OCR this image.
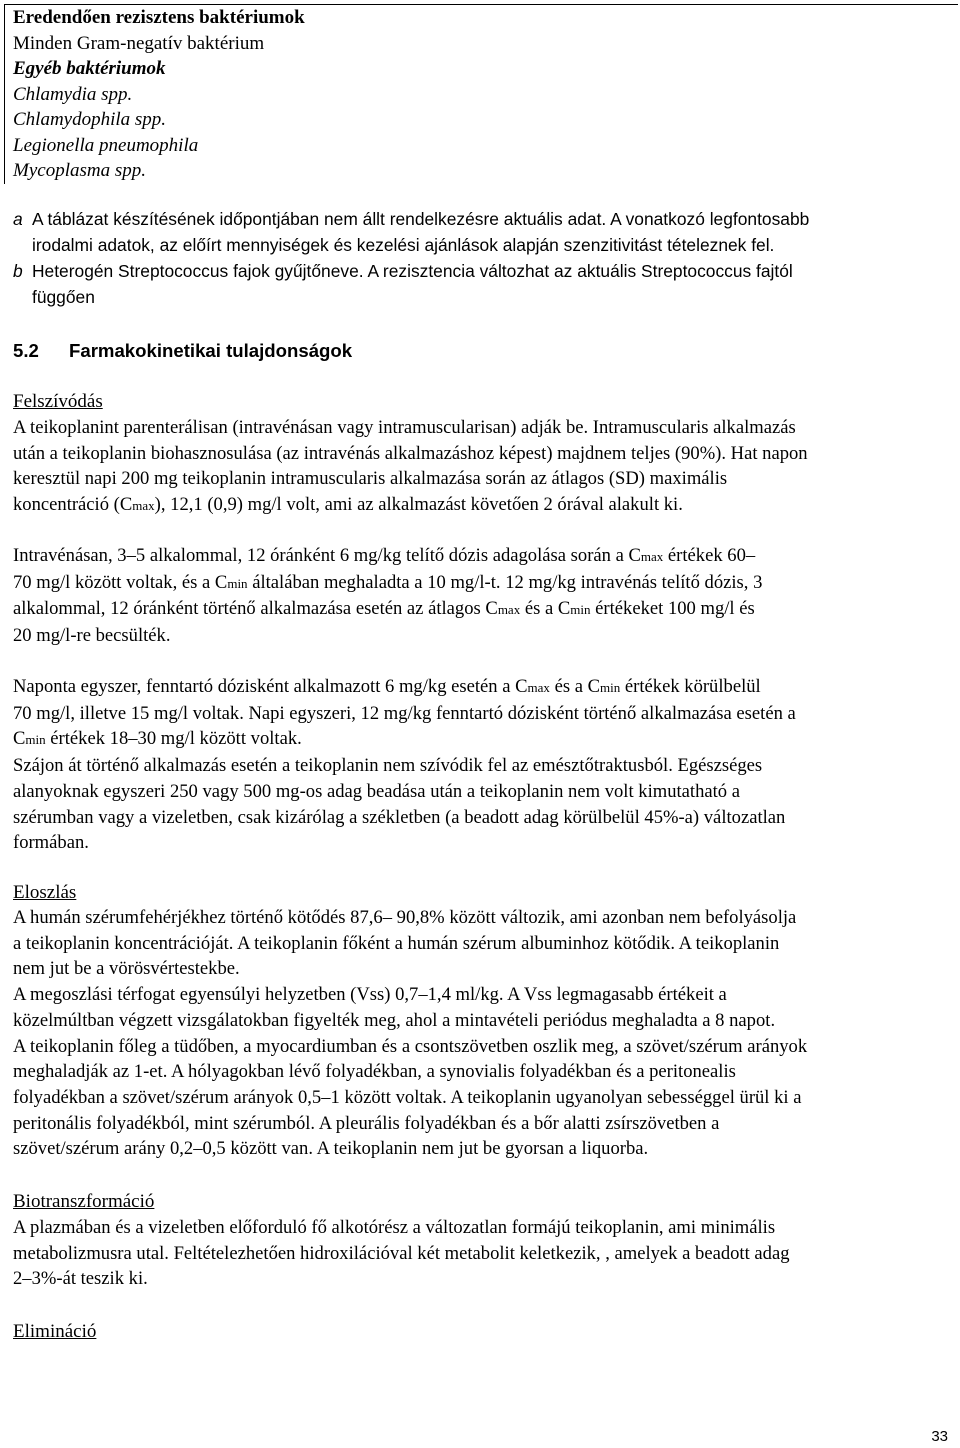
Eredendően rezisztens baktériumok
Minden Gram-negatív baktérium
Egyéb baktériumok
Chlamydia spp.
Chlamydophila spp.
Legionella pneumophila
Mycoplasma spp.
a A táblázat készítésének időpontjában nem állt rendelkezésre aktuális adat. A vonatkozó legfontosabb
irodalmi adatok, az előírt mennyiségek és kezelési ajánlások alapján szenzitivitást tételeznek fel.
b Heterogén Streptococcus fajok gyűjtőneve. A rezisztencia változhat az aktuális Streptococcus fajtól
függően
5.2 Farmakokinetikai tulajdonságok
Felszívódás
A teikoplanint parenterálisan (intravénásan vagy intramuscularisan) adják be. Intramuscularis alkalmazás
után a teikoplanin biohasznosulása (az intravénás alkalmazáshoz képest) majdnem teljes (90%). Hat napon
keresztül napi 200 mg teikoplanin intramuscularis alkalmazása során az átlagos (SD) maximális
koncentráció (Cmax), 12,1 (0,9) mg/l volt, ami az alkalmazást követően 2 órával alakult ki.
Intravénásan, 3–5 alkalommal, 12 óránként 6 mg/kg telítő dózis adagolása során a Cmax értékek 60–
70 mg/l között voltak, és a Cmin általában meghaladta a 10 mg/l-t. 12 mg/kg intravénás telítő dózis, 3
alkalommal, 12 óránként történő alkalmazása esetén az átlagos Cmax és a Cmin értékeket 100 mg/l és
20 mg/l-re becsülték.
Naponta egyszer, fenntartó dózisként alkalmazott 6 mg/kg esetén a Cmax és a Cmin értékek körülbelül
70 mg/l, illetve 15 mg/l voltak. Napi egyszeri, 12 mg/kg fenntartó dózisként történő alkalmazása esetén a
Cmin értékek 18–30 mg/l között voltak.
Szájon át történő alkalmazás esetén a teikoplanin nem szívódik fel az emésztőtraktusból. Egészséges
alanyoknak egyszeri 250 vagy 500 mg-os adag beadása után a teikoplanin nem volt kimutatható a
szérumban vagy a vizeletben, csak kizárólag a székletben (a beadott adag körülbelül 45%-a) változatlan
formában.
Eloszlás
A humán szérumfehérjékhez történő kötődés 87,6– 90,8% között változik, ami azonban nem befolyásolja
a teikoplanin koncentrációját. A teikoplanin főként a humán szérum albuminhoz kötődik. A teikoplanin
nem jut be a vörösvértestekbe.
A megoszlási térfogat egyensúlyi helyzetben (Vss) 0,7–1,4 ml/kg. A Vss legmagasabb értékeit a
közelmúltban végzett vizsgálatokban figyelték meg, ahol a mintavételi periódus meghaladta a 8 napot.
A teikoplanin főleg a tüdőben, a myocardiumban és a csontszövetben oszlik meg, a szövet/szérum arányok
meghaladják az 1-et. A hólyagokban lévő folyadékban, a synovialis folyadékban és a peritonealis
folyadékban a szövet/szérum arányok 0,5–1 között voltak. A teikoplanin ugyanolyan sebességgel ürül ki a
peritonális folyadékból, mint szérumból. A pleurális folyadékban és a bőr alatti zsírszövetben a
szövet/szérum arány 0,2–0,5 között van. A teikoplanin nem jut be gyorsan a liquorba.
Biotranszformáció
A plazmában és a vizeletben előforduló fő alkotórész a változatlan formájú teikoplanin, ami minimális
metabolizmusra utal. Feltételezhetően hidroxilációval két metabolit keletkezik, , amelyek a beadott adag
2–3%-át teszik ki.
Elimináció
33
